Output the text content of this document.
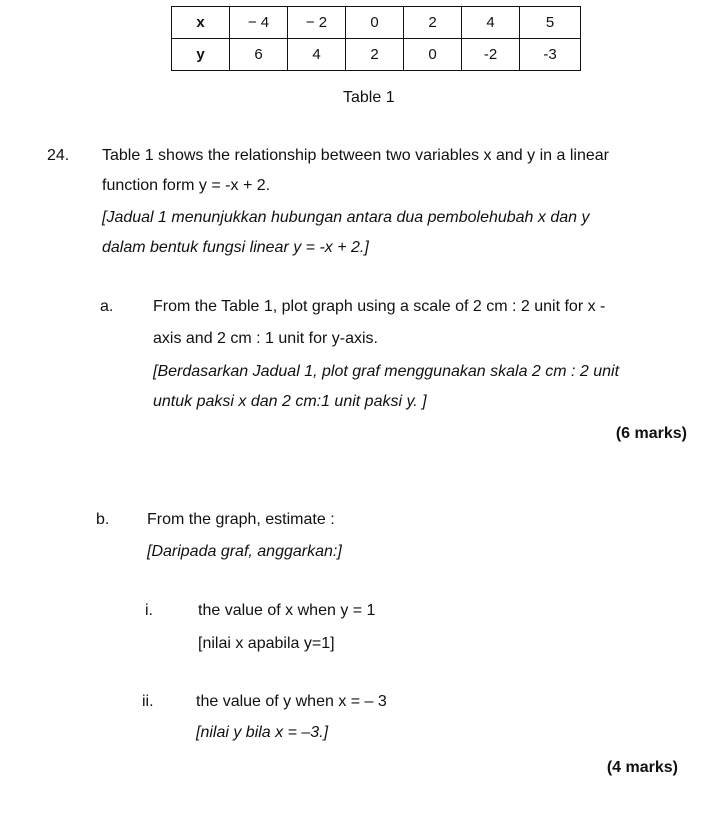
x	− 4	− 2	0	2	4	5
y	6	4	2	0	-2	-3
Table 1
24. Table 1 shows the relationship between two variables x and y in a linear
function form y = -x + 2.
[Jadual 1 menunjukkan hubungan antara dua pembolehubah x dan y
dalam bentuk fungsi linear y = -x + 2.]
a. From the Table 1, plot graph using a scale of 2 cm : 2 unit for x -
axis and 2 cm : 1 unit for y-axis.
[Berdasarkan Jadual 1, plot graf menggunakan skala 2 cm : 2 unit
untuk paksi x dan 2 cm:1 unit paksi y. ]
(6 marks)
b. From the graph, estimate :
[Daripada graf, anggarkan:]
i.	the value of x when y = 1
[nilai x apabila y=1]
ii.	the value of y when x = – 3
[nilai y bila x = –3.]
(4 marks)
